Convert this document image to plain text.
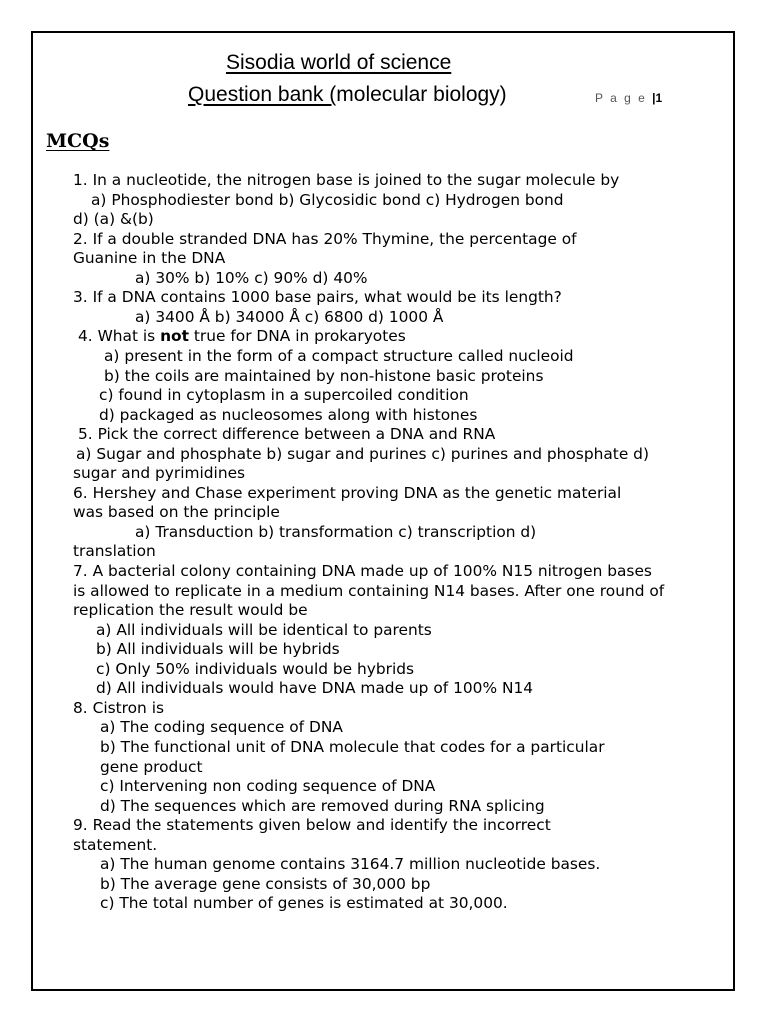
Sisodia world of science
Question bank (molecular biology)	P a g e |1
MCQs
1. In a nucleotide, the nitrogen base is joined to the sugar molecule by
a) Phosphodiester bond b) Glycosidic bond c) Hydrogen bond
d) (a) &(b)
2. If a double stranded DNA has 20% Thymine, the percentage of
Guanine in the DNA
a) 30% b) 10% c) 90% d) 40%
3. If a DNA contains 1000 base pairs, what would be its length?
a) 3400 Å b) 34000 Å c) 6800 d) 1000 Å
4. What is not true for DNA in prokaryotes
a) present in the form of a compact structure called nucleoid
b) the coils are maintained by non-histone basic proteins
c) found in cytoplasm in a supercoiled condition
d) packaged as nucleosomes along with histones
5. Pick the correct difference between a DNA and RNA
a) Sugar and phosphate b) sugar and purines c) purines and phosphate d)
sugar and pyrimidines
6. Hershey and Chase experiment proving DNA as the genetic material
was based on the principle
a) Transduction b) transformation c) transcription d)
translation
7. A bacterial colony containing DNA made up of 100% N15 nitrogen bases
is allowed to replicate in a medium containing N14 bases. After one round of
replication the result would be
a) All individuals will be identical to parents
b) All individuals will be hybrids
c) Only 50% individuals would be hybrids
d) All individuals would have DNA made up of 100% N14
8. Cistron is
a) The coding sequence of DNA
b) The functional unit of DNA molecule that codes for a particular
gene product
c) Intervening non coding sequence of DNA
d) The sequences which are removed during RNA splicing
9. Read the statements given below and identify the incorrect
statement.
a) The human genome contains 3164.7 million nucleotide bases.
b) The average gene consists of 30,000 bp
c) The total number of genes is estimated at 30,000.
